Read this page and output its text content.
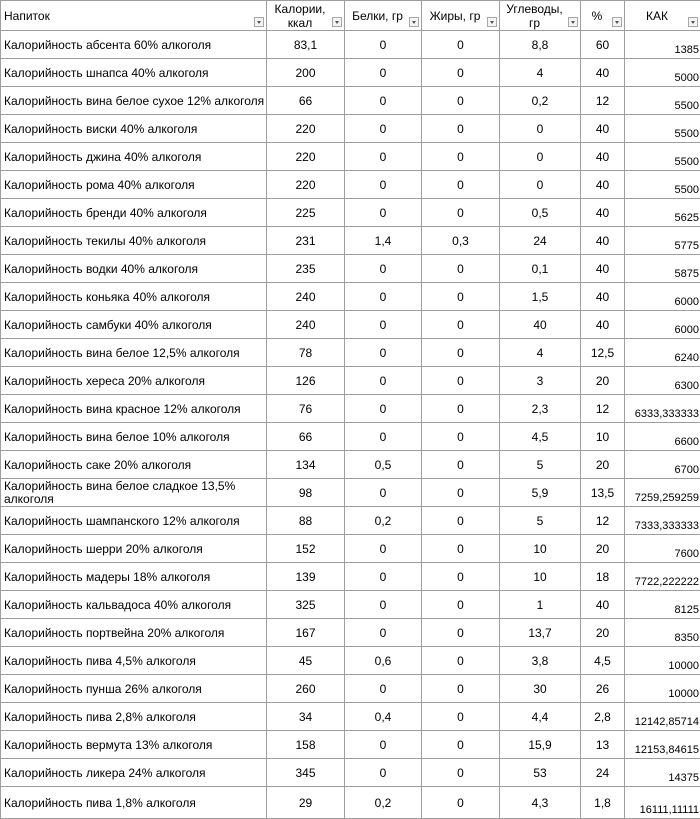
Напиток	Калории, ккал	Белки, гр	Жиры, гр	Углеводы, гр	%	КАК

Калорийность абсента 60% алкоголя	83,1	0	0	8,8	60	1385
Калорийность шнапса 40% алкоголя	200	0	0	4	40	5000
Калорийность вина белое сухое 12% алкоголя	66	0	0	0,2	12	5500
Калорийность виски 40% алкоголя	220	0	0	0	40	5500
Калорийность джина 40% алкоголя	220	0	0	0	40	5500
Калорийность рома 40% алкоголя	220	0	0	0	40	5500
Калорийность бренди 40% алкоголя	225	0	0	0,5	40	5625
Калорийность текилы 40% алкоголя	231	1,4	0,3	24	40	5775
Калорийность водки 40% алкоголя	235	0	0	0,1	40	5875
Калорийность коньяка 40% алкоголя	240	0	0	1,5	40	6000
Калорийность самбуки 40% алкоголя	240	0	0	40	40	6000
Калорийность вина белое 12,5% алкоголя	78	0	0	4	12,5	6240
Калорийность хереса 20% алкоголя	126	0	0	3	20	6300
Калорийность вина красное 12% алкоголя	76	0	0	2,3	12	6333,333333
Калорийность вина белое 10% алкоголя	66	0	0	4,5	10	6600
Калорийность саке 20% алкоголя	134	0,5	0	5	20	6700
Калорийность вина белое сладкое 13,5% алкоголя	98	0	0	5,9	13,5	7259,259259
Калорийность шампанского 12% алкоголя	88	0,2	0	5	12	7333,333333
Калорийность шерри 20% алкоголя	152	0	0	10	20	7600
Калорийность мадеры 18% алкоголя	139	0	0	10	18	7722,222222
Калорийность кальвадоса 40% алкоголя	325	0	0	1	40	8125
Калорийность портвейна 20% алкоголя	167	0	0	13,7	20	8350
Калорийность пива 4,5% алкоголя	45	0,6	0	3,8	4,5	10000
Калорийность пунша 26% алкоголя	260	0	0	30	26	10000
Калорийность пива 2,8% алкоголя	34	0,4	0	4,4	2,8	12142,85714
Калорийность вермута 13% алкоголя	158	0	0	15,9	13	12153,84615
Калорийность ликера 24% алкоголя	345	0	0	53	24	14375
Калорийность пива 1,8% алкоголя	29	0,2	0	4,3	1,8	16111,11111
